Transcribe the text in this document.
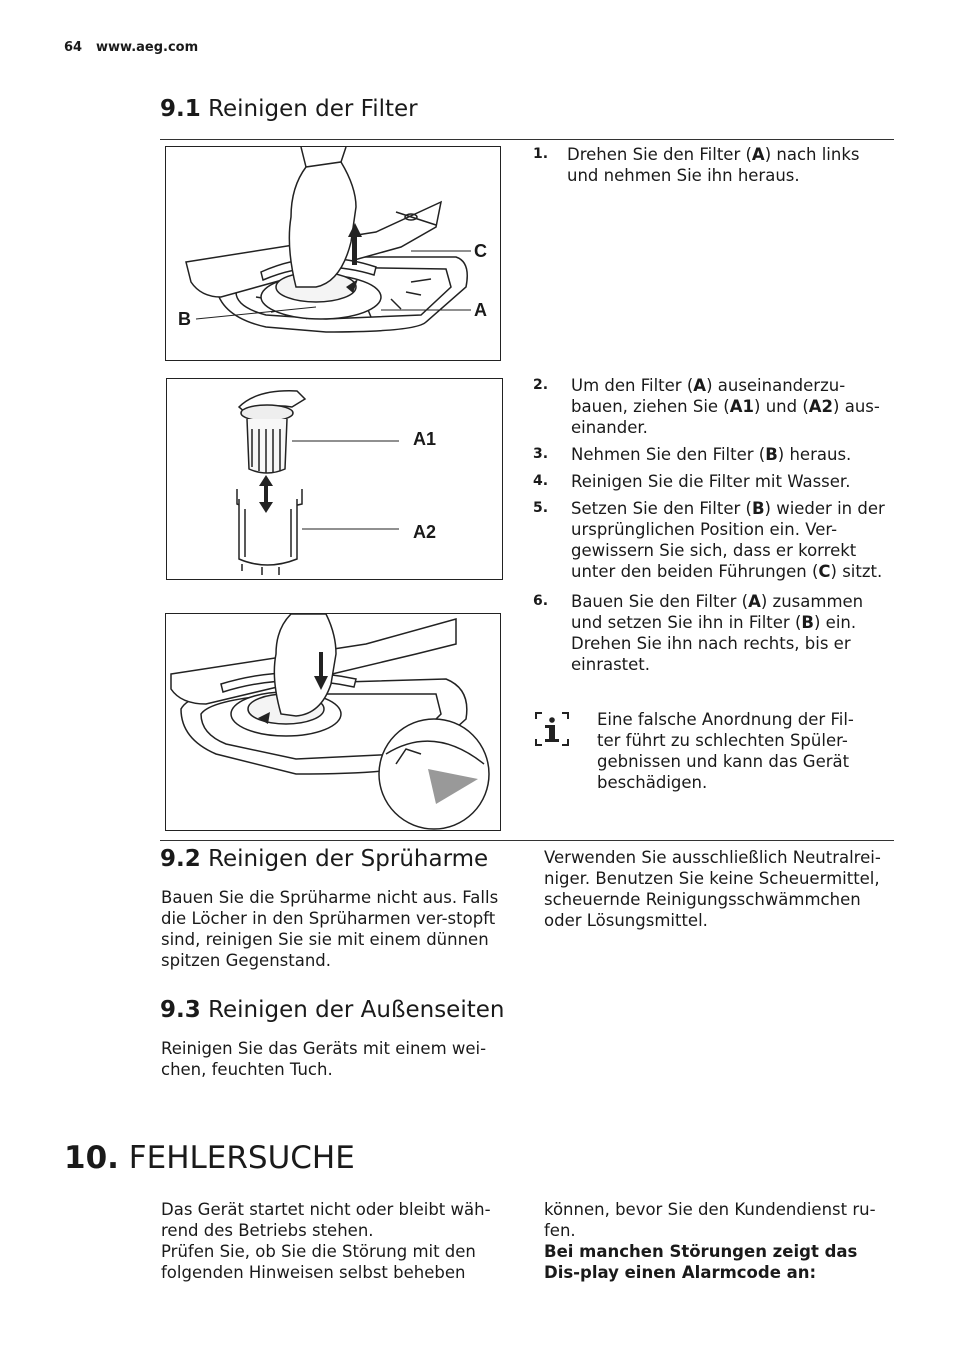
64 www.aeg.com
9.1 Reinigen der Filter
C
A
B
A1
A2
1. Drehen Sie den Filter (A) nach links und nehmen Sie ihn heraus.
2. Um den Filter (A) auseinanderzu-bauen, ziehen Sie (A1) und (A2) aus-einander.
3. Nehmen Sie den Filter (B) heraus.
4. Reinigen Sie die Filter mit Wasser.
5. Setzen Sie den Filter (B) wieder in der ursprünglichen Position ein. Ver-gewissern Sie sich, dass er korrekt unter den beiden Führungen (C) sitzt.
6. Bauen Sie den Filter (A) zusammen und setzen Sie ihn in Filter (B) ein. Drehen Sie ihn nach rechts, bis er einrastet.
Eine falsche Anordnung der Fil-ter führt zu schlechten Spüler-gebnissen und kann das Gerät beschädigen.
9.2 Reinigen der Sprüharme
Bauen Sie die Sprüharme nicht aus. Falls die Löcher in den Sprüharmen ver-stopft sind, reinigen Sie sie mit einem dünnen spitzen Gegenstand.
Verwenden Sie ausschließlich Neutralrei-niger. Benutzen Sie keine Scheuermittel, scheuernde Reinigungsschwämmchen oder Lösungsmittel.
9.3 Reinigen der Außenseiten
Reinigen Sie das Geräts mit einem wei-chen, feuchten Tuch.
10. FEHLERSUCHE
Das Gerät startet nicht oder bleibt wäh-rend des Betriebs stehen.
Prüfen Sie, ob Sie die Störung mit den folgenden Hinweisen selbst beheben
können, bevor Sie den Kundendienst ru-fen.
Bei manchen Störungen zeigt das Dis-play einen Alarmcode an:
